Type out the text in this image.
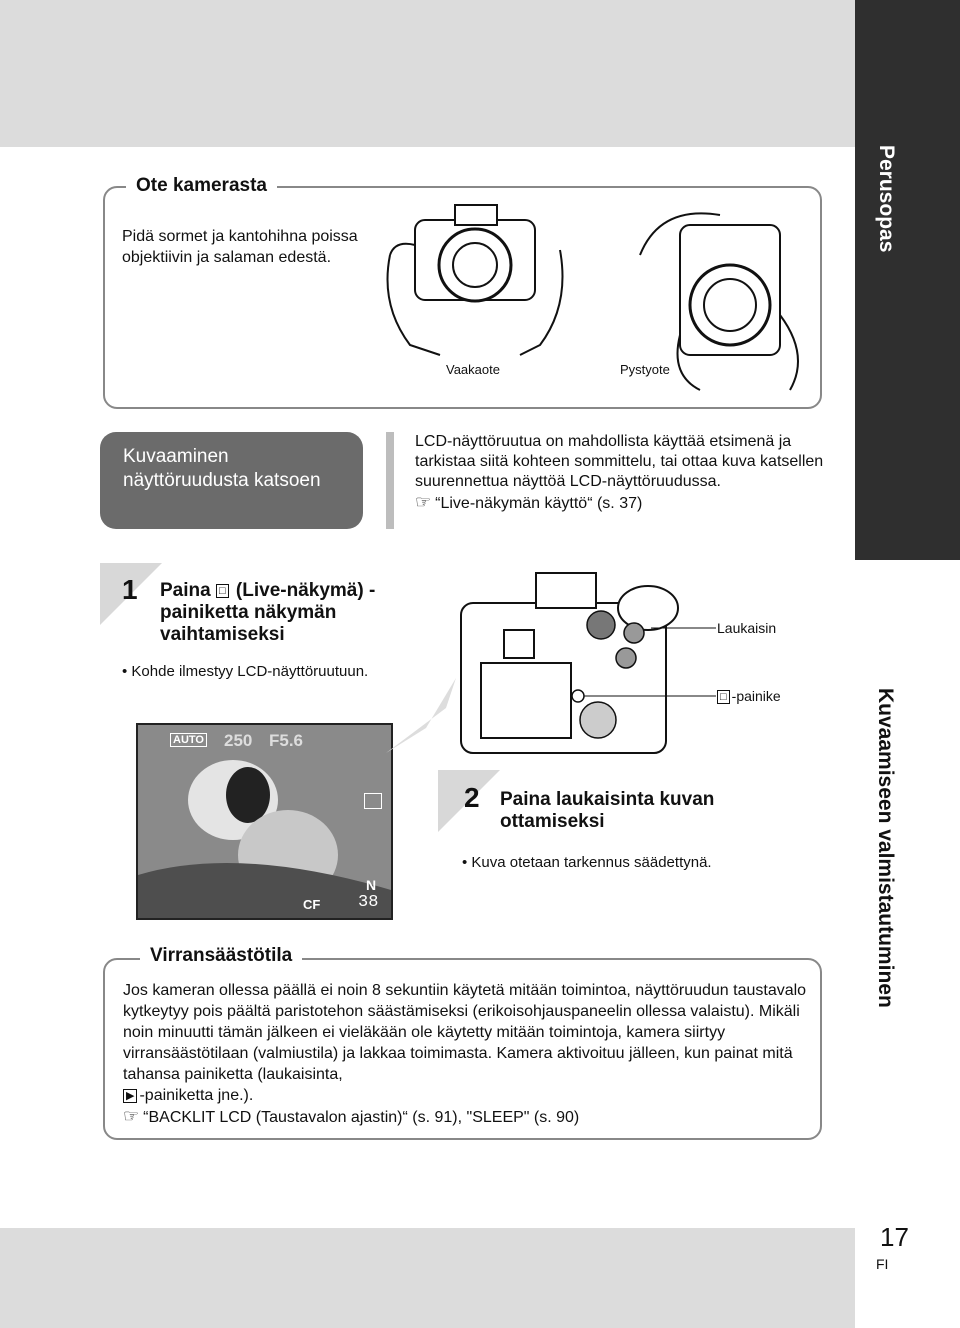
Perusopas
Kuvaamiseen valmistautuminen
17
FI
Ote kamerasta
Pidä sormet ja kantohihna poissa objektiivin ja salaman edestä.
Vaakaote	Pystyote
Kuvaaminen näyttöruudusta katsoen
LCD-näyttöruutua on mahdollista käyttää etsimenä ja tarkistaa siitä kohteen sommittelu, tai ottaa kuva katsellen suurennettua näyttöä LCD-näyttöruudussa.
☞ “Live-näkymän käyttö“ (s. 37)
1 Paina □ (Live-näkymä) -painiketta näkymän vaihtamiseksi
• Kohde ilmestyy LCD-näyttöruutuun.
AUTO 250 F5.6
N
CF 38
Laukaisin
□ -painike
2 Paina laukaisinta kuvan ottamiseksi
• Kuva otetaan tarkennus säädettynä.
Virransäästötila
Jos kameran ollessa päällä ei noin 8 sekuntiin käytetä mitään toimintoa, näyttöruudun taustavalo kytkeytyy pois päältä paristotehon säästämiseksi (erikoisohjauspaneelin ollessa valaistu). Mikäli noin minuutti tämän jälkeen ei vieläkään ole käytetty mitään toimintoja, kamera siirtyy virransäästötilaan (valmiustila) ja lakkaa toimimasta. Kamera aktivoituu jälleen, kun painat mitä tahansa painiketta (laukaisinta,
▶ -painiketta jne.).
☞ “BACKLIT LCD (Taustavalon ajastin)“ (s. 91), "SLEEP" (s. 90)
